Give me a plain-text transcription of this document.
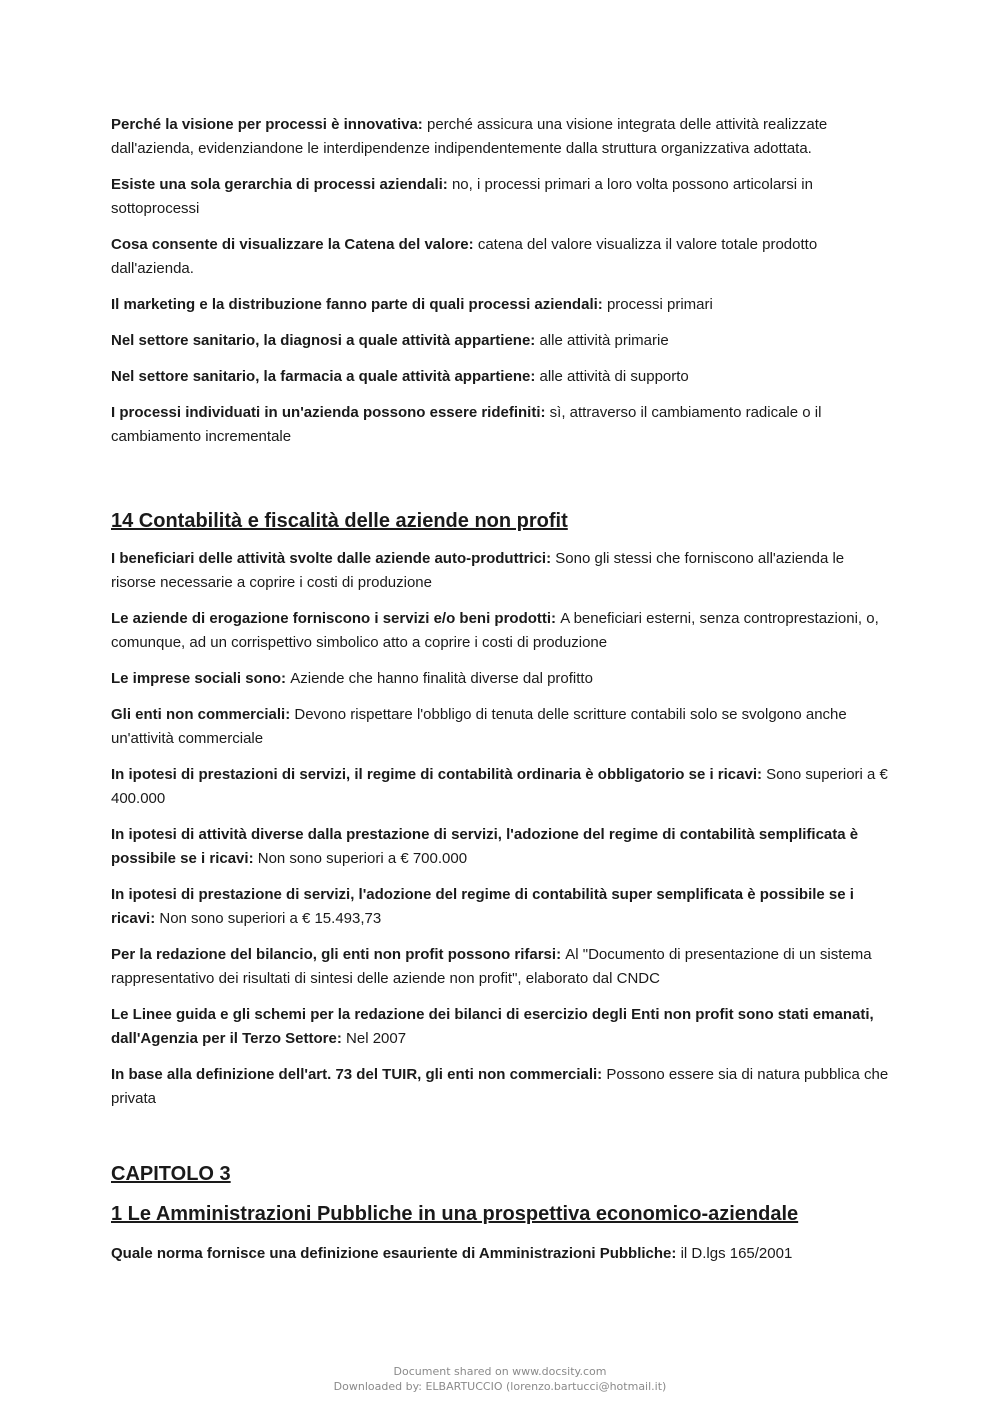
Perché la visione per processi è innovativa: perché assicura una visione integrata delle attività realizzate dall'azienda, evidenziandone le interdipendenze indipendentemente dalla struttura organizzativa adottata.

Esiste una sola gerarchia di processi aziendali: no, i processi primari a loro volta possono articolarsi in sottoprocessi

Cosa consente di visualizzare la Catena del valore: catena del valore visualizza il valore totale prodotto dall'azienda.

Il marketing e la distribuzione fanno parte di quali processi aziendali: processi primari

Nel settore sanitario, la diagnosi a quale attività appartiene: alle attività primarie

Nel settore sanitario, la farmacia a quale attività appartiene: alle attività di supporto

I processi individuati in un'azienda possono essere ridefiniti: sì, attraverso il cambiamento radicale o il cambiamento incrementale

14 Contabilità e fiscalità delle aziende non profit

I beneficiari delle attività svolte dalle aziende auto-produttrici: Sono gli stessi che forniscono all'azienda le risorse necessarie a coprire i costi di produzione

Le aziende di erogazione forniscono i servizi e/o beni prodotti: A beneficiari esterni, senza controprestazioni, o, comunque, ad un corrispettivo simbolico atto a coprire i costi di produzione

Le imprese sociali sono: Aziende che hanno finalità diverse dal profitto

Gli enti non commerciali: Devono rispettare l'obbligo di tenuta delle scritture contabili solo se svolgono anche un'attività commerciale

In ipotesi di prestazioni di servizi, il regime di contabilità ordinaria è obbligatorio se i ricavi: Sono superiori a € 400.000

In ipotesi di attività diverse dalla prestazione di servizi, l'adozione del regime di contabilità semplificata è possibile se i ricavi: Non sono superiori a € 700.000

In ipotesi di prestazione di servizi, l'adozione del regime di contabilità super semplificata è possibile se i ricavi: Non sono superiori a € 15.493,73

Per la redazione del bilancio, gli enti non profit possono rifarsi: Al "Documento di presentazione di un sistema rappresentativo dei risultati di sintesi delle aziende non profit", elaborato dal CNDC

Le Linee guida e gli schemi per la redazione dei bilanci di esercizio degli Enti non profit sono stati emanati, dall'Agenzia per il Terzo Settore: Nel 2007

In base alla definizione dell'art. 73 del TUIR, gli enti non commerciali: Possono essere sia di natura pubblica che privata

CAPITOLO 3
1 Le Amministrazioni Pubbliche in una prospettiva economico-aziendale

Quale norma fornisce una definizione esauriente di Amministrazioni Pubbliche: il D.lgs 165/2001

Document shared on www.docsity.com
Downloaded by: ELBARTUCCIO (lorenzo.bartucci@hotmail.it)
